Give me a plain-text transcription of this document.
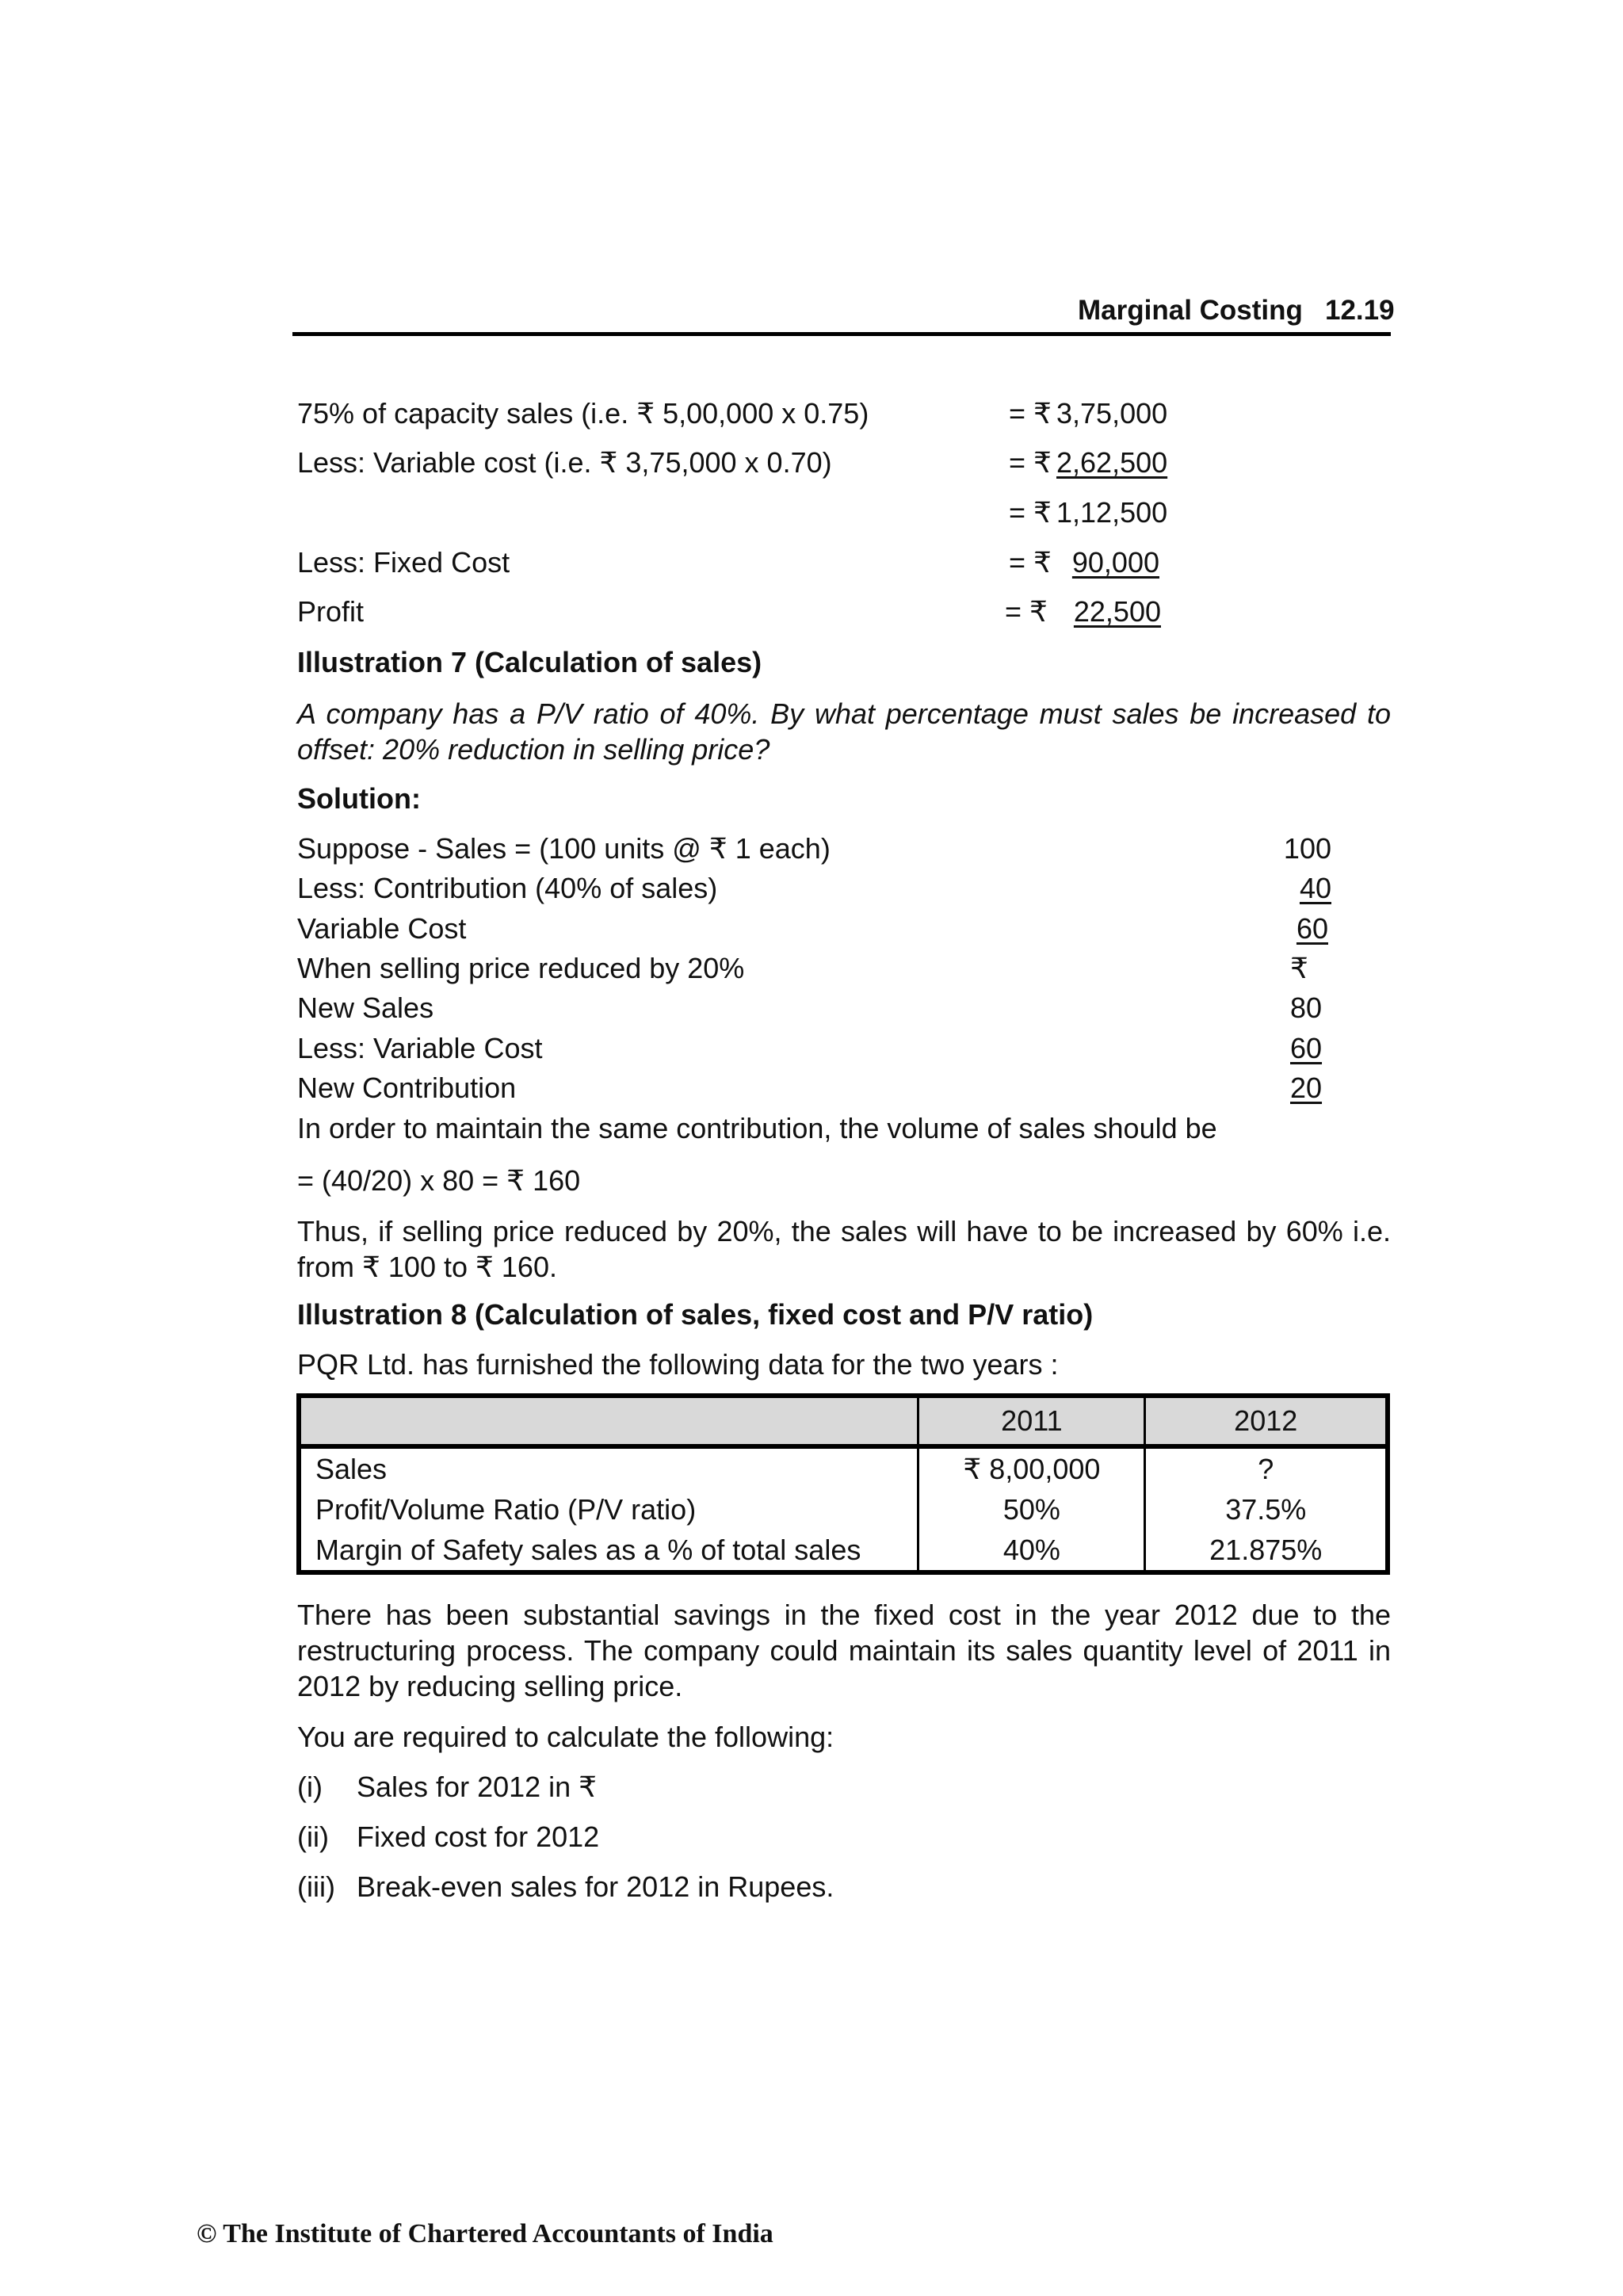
Marginal Costing 12.19
75% of capacity sales (i.e. ₹ 5,00,000 x 0.75)	= ₹ 3,75,000
Less: Variable cost (i.e. ₹ 3,75,000 x 0.70)	= ₹ 2,62,500
= ₹ 1,12,500
Less: Fixed Cost	= ₹ 90,000
Profit	= ₹ 22,500
Illustration 7 (Calculation of sales)
A company has a P/V ratio of 40%. By what percentage must sales be increased to offset: 20% reduction in selling price?
Solution:
Suppose - Sales = (100 units @ ₹ 1 each)	100
Less: Contribution (40% of sales)	40
Variable Cost	60
When selling price reduced by 20%	₹
New Sales	80
Less: Variable Cost	60
New Contribution	20
In order to maintain the same contribution, the volume of sales should be
= (40/20) x 80 = ₹ 160
Thus, if selling price reduced by 20%, the sales will have to be increased by 60% i.e. from ₹ 100 to ₹ 160.
Illustration 8 (Calculation of sales, fixed cost and P/V ratio)
PQR Ltd. has furnished the following data for the two years :
	2011	2012
Sales	₹ 8,00,000	?
Profit/Volume Ratio (P/V ratio)	50%	37.5%
Margin of Safety sales as a % of total sales	40%	21.875%
There has been substantial savings in the fixed cost in the year 2012 due to the restructuring process. The company could maintain its sales quantity level of 2011 in 2012 by reducing selling price.
You are required to calculate the following:
(i) Sales for 2012 in ₹
(ii) Fixed cost for 2012
(iii) Break-even sales for 2012 in Rupees.
© The Institute of Chartered Accountants of India
